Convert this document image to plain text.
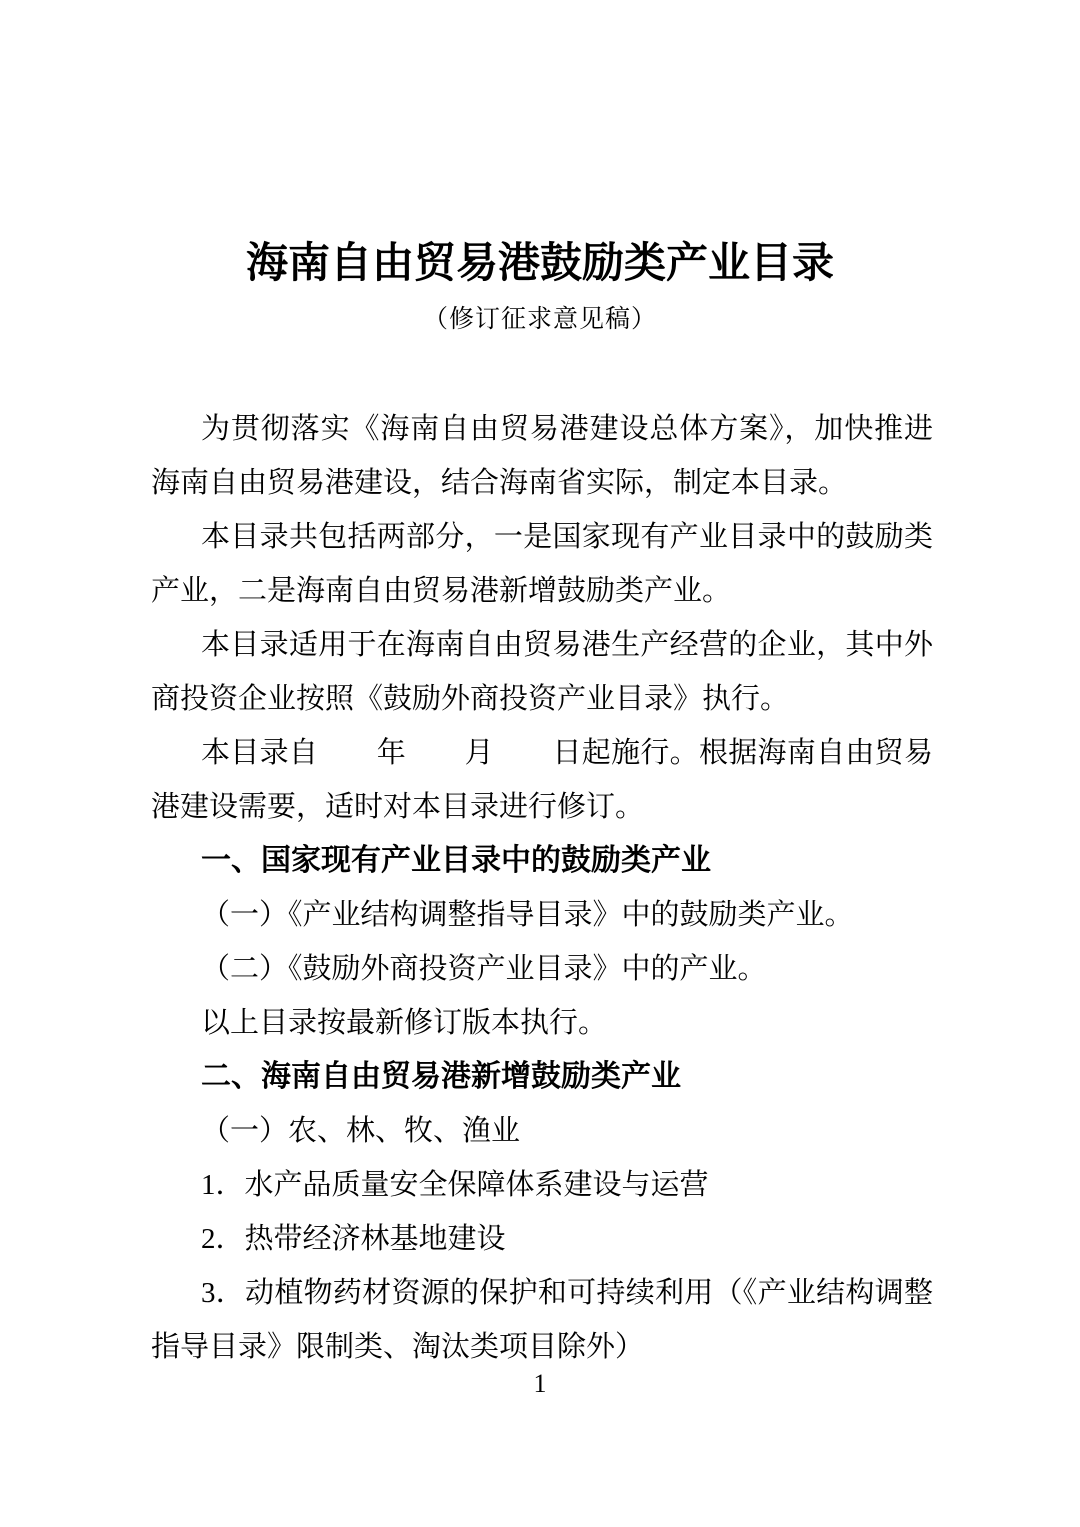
海南自由贸易港鼓励类产业目录
（修订征求意见稿）

为贯彻落实《海南自由贸易港建设总体方案》，加快推进海南自由贸易港建设，结合海南省实际，制定本目录。

本目录共包括两部分，一是国家现有产业目录中的鼓励类产业，二是海南自由贸易港新增鼓励类产业。

本目录适用于在海南自由贸易港生产经营的企业，其中外商投资企业按照《鼓励外商投资产业目录》执行。

本目录自　　年　　月　　日起施行。根据海南自由贸易港建设需要，适时对本目录进行修订。

一、国家现有产业目录中的鼓励类产业

（一）《产业结构调整指导目录》中的鼓励类产业。

（二）《鼓励外商投资产业目录》中的产业。

以上目录按最新修订版本执行。

二、海南自由贸易港新增鼓励类产业

（一）农、林、牧、渔业

1．水产品质量安全保障体系建设与运营

2．热带经济林基地建设

3．动植物药材资源的保护和可持续利用（《产业结构调整指导目录》限制类、淘汰类项目除外）

1
